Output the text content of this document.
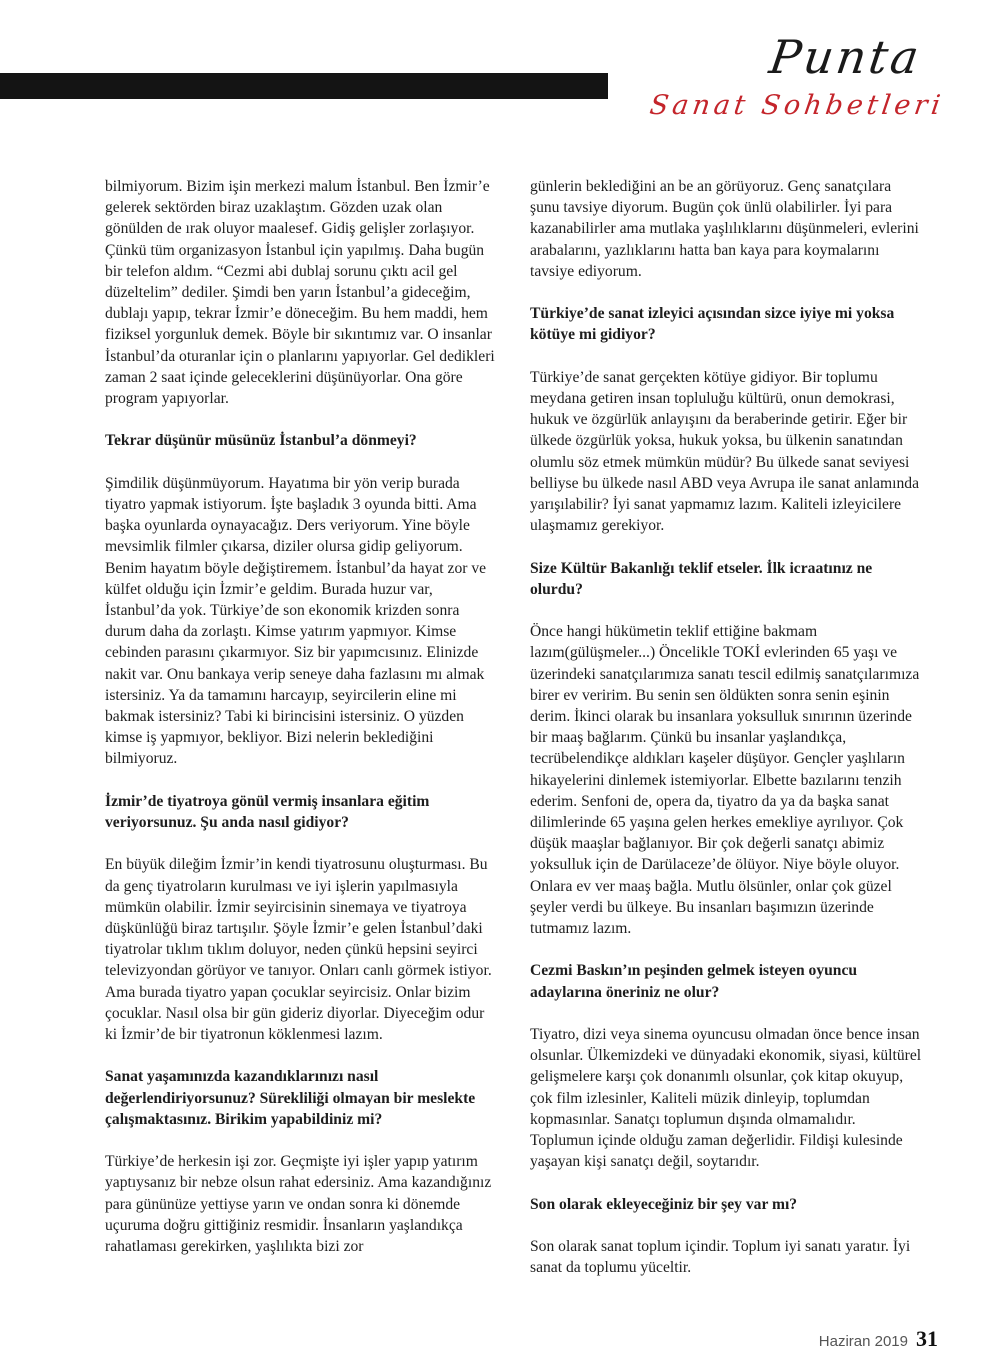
Punta
Sanat Sohbetleri

bilmiyorum. Bizim işin merkezi malum İstanbul. Ben İzmir’e gelerek sektörden biraz uzaklaştım. Gözden uzak olan gönülden de ırak oluyor maalesef. Gidiş gelişler zorlaşıyor. Çünkü tüm organizasyon İstanbul için yapılmış. Daha bugün bir telefon aldım. “Cezmi abi dublaj sorunu çıktı acil gel düzeltelim” dediler. Şimdi ben yarın İstanbul’a gideceğim, dublajı yapıp, tekrar İzmir’e döneceğim. Bu hem maddi, hem fiziksel yorgunluk demek. Böyle bir sıkıntımız var. O insanlar İstanbul’da oturanlar için o planlarını yapıyorlar. Gel dedikleri zaman 2 saat içinde geleceklerini düşünüyorlar. Ona göre program yapıyorlar.

Tekrar düşünür müsünüz İstanbul’a dönmeyi?

Şimdilik düşünmüyorum. Hayatıma bir yön verip burada tiyatro yapmak istiyorum. İşte başladık 3 oyunda bitti. Ama başka oyunlarda oynayacağız. Ders veriyorum. Yine böyle mevsimlik filmler çıkarsa, diziler olursa gidip geliyorum. Benim hayatım böyle değiştiremem. İstanbul’da hayat zor ve külfet olduğu için İzmir’e geldim. Burada huzur var, İstanbul’da yok. Türkiye’de son ekonomik krizden sonra durum daha da zorlaştı. Kimse yatırım yapmıyor. Kimse cebinden parasını çıkarmıyor. Siz bir yapımcısınız. Elinizde nakit var. Onu bankaya verip seneye daha fazlasını mı almak istersiniz. Ya da tamamını harcayıp, seyircilerin eline mi bakmak istersiniz? Tabi ki birincisini istersiniz. O yüzden kimse iş yapmıyor, bekliyor. Bizi nelerin beklediğini bilmiyoruz.

İzmir’de tiyatroya gönül vermiş insanlara eğitim veriyorsunuz. Şu anda nasıl gidiyor?

En büyük dileğim İzmir’in kendi tiyatrosunu oluşturması. Bu da genç tiyatroların kurulması ve iyi işlerin yapılmasıyla mümkün olabilir. İzmir seyircisinin sinemaya ve tiyatroya düşkünlüğü biraz tartışılır. Şöyle İzmir’e gelen İstanbul’daki tiyatrolar tıklım tıklım doluyor, neden çünkü hepsini seyirci televizyondan görüyor ve tanıyor. Onları canlı görmek istiyor. Ama burada tiyatro yapan çocuklar seyircisiz. Onlar bizim çocuklar. Nasıl olsa bir gün gideriz diyorlar. Diyeceğim odur ki İzmir’de bir tiyatronun köklenmesi lazım.

Sanat yaşamınızda kazandıklarınızı nasıl değerlendiriyorsunuz? Sürekliliği olmayan bir meslekte çalışmaktasınız. Birikim yapabildiniz mi?

Türkiye’de herkesin işi zor. Geçmişte iyi işler yapıp yatırım yaptıysanız bir nebze olsun rahat edersiniz. Ama kazandığınız para gününüze yettiyse yarın ve ondan sonra ki dönemde uçuruma doğru gittiğiniz resmidir. İnsanların yaşlandıkça rahatlaması gerekirken, yaşlılıkta bizi zor

günlerin beklediğini an be an görüyoruz. Genç sanatçılara şunu tavsiye diyorum. Bugün çok ünlü olabilirler. İyi para kazanabilirler ama mutlaka yaşlılıklarını düşünmeleri, evlerini arabalarını, yazlıklarını hatta ban kaya para koymalarını tavsiye ediyorum.

Türkiye’de sanat izleyici açısından sizce iyiye mi yoksa kötüye mi gidiyor?

Türkiye’de sanat gerçekten kötüye gidiyor. Bir toplumu meydana getiren insan topluluğu kültürü, onun demokrasi, hukuk ve özgürlük anlayışını da beraberinde getirir. Eğer bir ülkede özgürlük yoksa, hukuk yoksa, bu ülkenin sanatından olumlu söz etmek mümkün müdür? Bu ülkede sanat seviyesi belliyse bu ülkede nasıl ABD veya Avrupa ile sanat anlamında yarışılabilir? İyi sanat yapmamız lazım. Kaliteli izleyicilere ulaşmamız gerekiyor.

Size Kültür Bakanlığı teklif etseler. İlk icraatınız ne olurdu?

Önce hangi hükümetin teklif ettiğine bakmam lazım(gülüşmeler...) Öncelikle TOKİ evlerinden 65 yaşı ve üzerindeki sanatçılarımıza sanatı tescil edilmiş sanatçılarımıza birer ev veririm. Bu senin sen öldükten sonra senin eşinin derim. İkinci olarak bu insanlara yoksulluk sınırının üzerinde bir maaş bağlarım. Çünkü bu insanlar yaşlandıkça, tecrübelendikçe aldıkları kaşeler düşüyor. Gençler yaşlıların hikayelerini dinlemek istemiyorlar. Elbette bazılarını tenzih ederim. Senfoni de, opera da, tiyatro da ya da başka sanat dilimlerinde 65 yaşına gelen herkes emekliye ayrılıyor. Çok düşük maaşlar bağlanıyor. Bir çok değerli sanatçı abimiz yoksulluk için de Darülaceze’de ölüyor. Niye böyle oluyor. Onlara ev ver maaş bağla. Mutlu ölsünler, onlar çok güzel şeyler verdi bu ülkeye. Bu insanları başımızın üzerinde tutmamız lazım.

Cezmi Baskın’ın peşinden gelmek isteyen oyuncu adaylarına öneriniz ne olur?

Tiyatro, dizi veya sinema oyuncusu olmadan önce bence insan olsunlar. Ülkemizdeki ve dünyadaki ekonomik, siyasi, kültürel gelişmelere karşı çok donanımlı olsunlar, çok kitap okuyup, çok film izlesinler, Kaliteli müzik dinleyip, toplumdan kopmasınlar. Sanatçı toplumun dışında olmamalıdır. Toplumun içinde olduğu zaman değerlidir. Fildişi kulesinde yaşayan kişi sanatçı değil, soytarıdır.

Son olarak ekleyeceğiniz bir şey var mı?

Son olarak sanat toplum içindir. Toplum iyi sanatı yaratır. İyi sanat da toplumu yüceltir.

Haziran 2019 31
